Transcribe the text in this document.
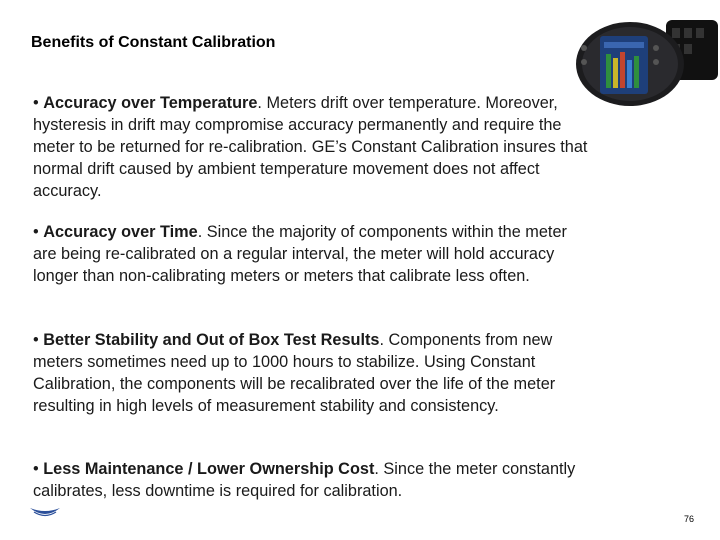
Benefits of Constant Calibration
• Accuracy over Temperature. Meters drift over temperature. Moreover, hysteresis in drift may compromise accuracy permanently and require the meter to be returned for re-calibration. GE’s Constant Calibration insures that normal drift caused by ambient temperature movement does not affect accuracy.
• Accuracy over Time. Since the majority of components within the meter are being re-calibrated on a regular interval, the meter will hold accuracy longer than non-calibrating meters or meters that calibrate less often.
• Better Stability and Out of Box Test Results. Components from new meters sometimes need up to 1000 hours to stabilize. Using Constant Calibration, the components will be recalibrated over the life of the meter resulting in high levels of measurement stability and consistency.
• Less Maintenance / Lower Ownership Cost. Since the meter constantly calibrates, less downtime is required for calibration.
76
